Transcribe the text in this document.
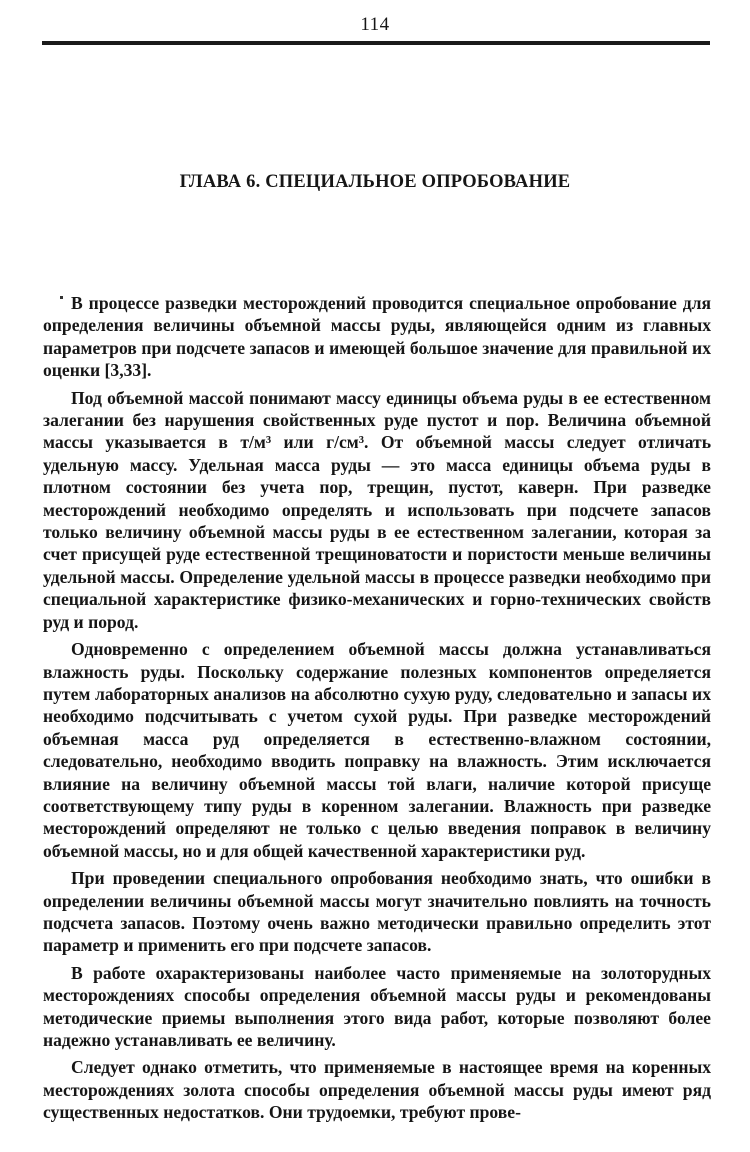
114
ГЛАВА 6. СПЕЦИАЛЬНОЕ ОПРОБОВАНИЕ

В процессе разведки месторождений проводится специальное опробование для определения величины объемной массы руды, являющейся одним из главных параметров при подсчете запасов и имеющей большое значение для правильной их оценки [3,33].

Под объемной массой понимают массу единицы объема руды в ее естественном залегании без нарушения свойственных руде пустот и пор. Величина объемной массы указывается в т/м³ или г/см³. От объемной массы следует отличать удельную массу. Удельная масса руды — это масса единицы объема руды в плотном состоянии без учета пор, трещин, пустот, каверн. При разведке месторождений необходимо определять и использовать при подсчете запасов только величину объемной массы руды в ее естественном залегании, которая за счет присущей руде естественной трещиноватости и пористости меньше величины удельной массы. Определение удельной массы в процессе разведки необходимо при специальной характеристике физико-механических и горно-технических свойств руд и пород.

Одновременно с определением объемной массы должна устанавливаться влажность руды. Поскольку содержание полезных компонентов определяется путем лабораторных анализов на абсолютно сухую руду, следовательно и запасы их необходимо подсчитывать с учетом сухой руды. При разведке месторождений объемная масса руд определяется в естественно-влажном состоянии, следовательно, необходимо вводить поправку на влажность. Этим исключается влияние на величину объемной массы той влаги, наличие которой присуще соответствующему типу руды в коренном залегании. Влажность при разведке месторождений определяют не только с целью введения поправок в величину объемной массы, но и для общей качественной характеристики руд.

При проведении специального опробования необходимо знать, что ошибки в определении величины объемной массы могут значительно повлиять на точность подсчета запасов. Поэтому очень важно методически правильно определить этот параметр и применить его при подсчете запасов.

В работе охарактеризованы наиболее часто применяемые на золоторудных месторождениях способы определения объемной массы руды и рекомендованы методические приемы выполнения этого вида работ, которые позволяют более надежно устанавливать ее величину.

Следует однако отметить, что применяемые в настоящее время на коренных месторождениях золота способы определения объемной массы руды имеют ряд существенных недостатков. Они трудоемки, требуют прове-
